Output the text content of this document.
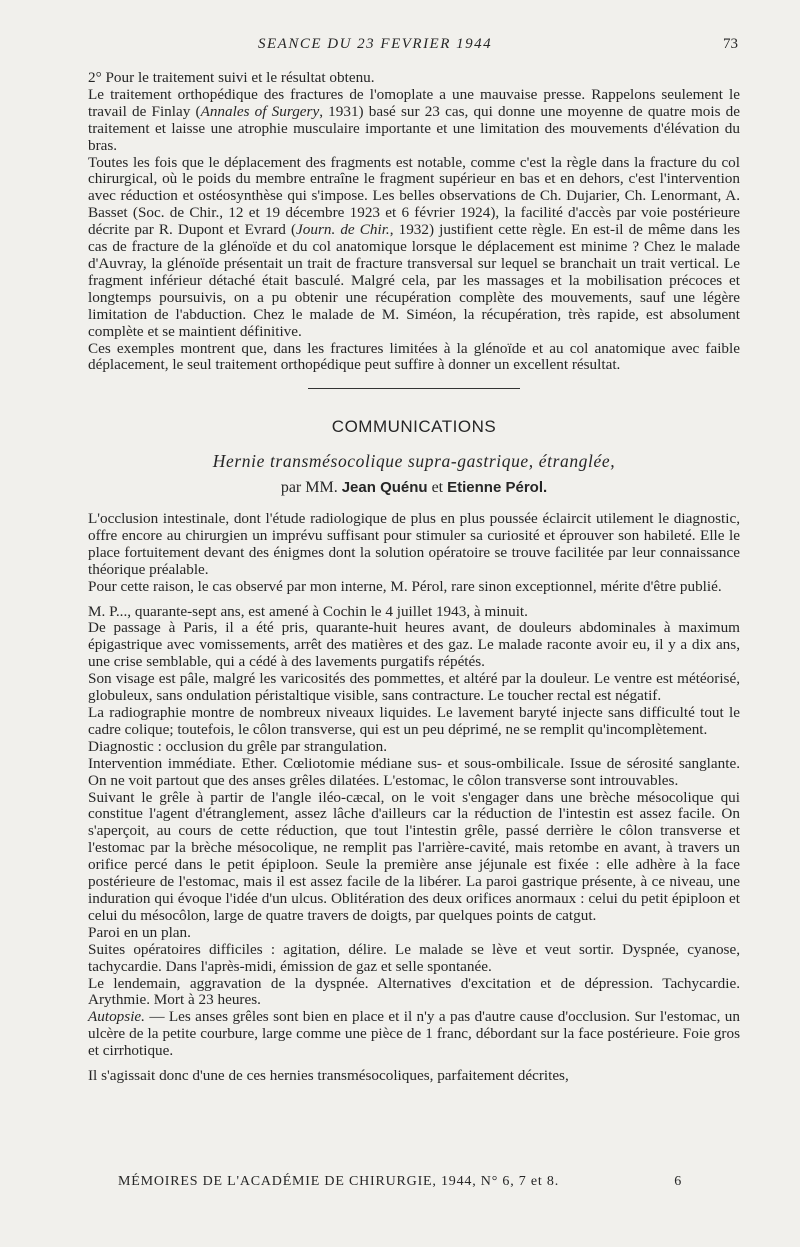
SEANCE DU 23 FEVRIER 1944	73

2° Pour le traitement suivi et le résultat obtenu.

Le traitement orthopédique des fractures de l'omoplate a une mauvaise presse. Rappelons seulement le travail de Finlay (Annales of Surgery, 1931) basé sur 23 cas, qui donne une moyenne de quatre mois de traitement et laisse une atrophie musculaire importante et une limitation des mouvements d'élévation du bras.

Toutes les fois que le déplacement des fragments est notable, comme c'est la règle dans la fracture du col chirurgical, où le poids du membre entraîne le fragment supérieur en bas et en dehors, c'est l'intervention avec réduction et ostéosynthèse qui s'impose. Les belles observations de Ch. Dujarier, Ch. Lenormant, A. Basset (Soc. de Chir., 12 et 19 décembre 1923 et 6 février 1924), la facilité d'accès par voie postérieure décrite par R. Dupont et Evrard (Journ. de Chir., 1932) justifient cette règle. En est-il de même dans les cas de fracture de la glénoïde et du col anatomique lorsque le déplacement est minime ? Chez le malade d'Auvray, la glénoïde présentait un trait de fracture transversal sur lequel se branchait un trait vertical. Le fragment inférieur détaché était basculé. Malgré cela, par les massages et la mobilisation précoces et longtemps poursuivis, on a pu obtenir une récupération complète des mouvements, sauf une légère limitation de l'abduction. Chez le malade de M. Siméon, la récupération, très rapide, est absolument complète et se maintient définitive.

Ces exemples montrent que, dans les fractures limitées à la glénoïde et au col anatomique avec faible déplacement, le seul traitement orthopédique peut suffire à donner un excellent résultat.

COMMUNICATIONS
Hernie transmésocolique supra-gastrique, étranglée,
par MM. Jean Quénu et Etienne Pérol.

L'occlusion intestinale, dont l'étude radiologique de plus en plus poussée éclaircit utilement le diagnostic, offre encore au chirurgien un imprévu suffisant pour stimuler sa curiosité et éprouver son habileté. Elle le place fortuitement devant des énigmes dont la solution opératoire se trouve facilitée par leur connaissance théorique préalable.

Pour cette raison, le cas observé par mon interne, M. Pérol, rare sinon exceptionnel, mérite d'être publié.

M. P..., quarante-sept ans, est amené à Cochin le 4 juillet 1943, à minuit.

De passage à Paris, il a été pris, quarante-huit heures avant, de douleurs abdominales à maximum épigastrique avec vomissements, arrêt des matières et des gaz. Le malade raconte avoir eu, il y a dix ans, une crise semblable, qui a cédé à des lavements purgatifs répétés.

Son visage est pâle, malgré les varicosités des pommettes, et altéré par la douleur. Le ventre est météorisé, globuleux, sans ondulation péristaltique visible, sans contracture. Le toucher rectal est négatif.

La radiographie montre de nombreux niveaux liquides. Le lavement baryté injecte sans difficulté tout le cadre colique; toutefois, le côlon transverse, qui est un peu déprimé, ne se remplit qu'incomplètement.

Diagnostic : occlusion du grêle par strangulation.

Intervention immédiate. Ether. Cœliotomie médiane sus- et sous-ombilicale. Issue de sérosité sanglante. On ne voit partout que des anses grêles dilatées. L'estomac, le côlon transverse sont introuvables.

Suivant le grêle à partir de l'angle iléo-cæcal, on le voit s'engager dans une brèche mésocolique qui constitue l'agent d'étranglement, assez lâche d'ailleurs car la réduction de l'intestin est assez facile. On s'aperçoit, au cours de cette réduction, que tout l'intestin grêle, passé derrière le côlon transverse et l'estomac par la brèche mésocolique, ne remplit pas l'arrière-cavité, mais retombe en avant, à travers un orifice percé dans le petit épiploon. Seule la première anse jéjunale est fixée : elle adhère à la face postérieure de l'estomac, mais il est assez facile de la libérer. La paroi gastrique présente, à ce niveau, une induration qui évoque l'idée d'un ulcus. Oblitération des deux orifices anormaux : celui du petit épiploon et celui du mésocôlon, large de quatre travers de doigts, par quelques points de catgut.

Paroi en un plan.

Suites opératoires difficiles : agitation, délire. Le malade se lève et veut sortir. Dyspnée, cyanose, tachycardie. Dans l'après-midi, émission de gaz et selle spontanée.

Le lendemain, aggravation de la dyspnée. Alternatives d'excitation et de dépression. Tachycardie. Arythmie. Mort à 23 heures.

Autopsie. — Les anses grêles sont bien en place et il n'y a pas d'autre cause d'occlusion. Sur l'estomac, un ulcère de la petite courbure, large comme une pièce de 1 franc, débordant sur la face postérieure. Foie gros et cirrhotique.

Il s'agissait donc d'une de ces hernies transmésocoliques, parfaitement décrites,

MÉMOIRES DE L'ACADÉMIE DE CHIRURGIE, 1944, N° 6, 7 et 8.	6
